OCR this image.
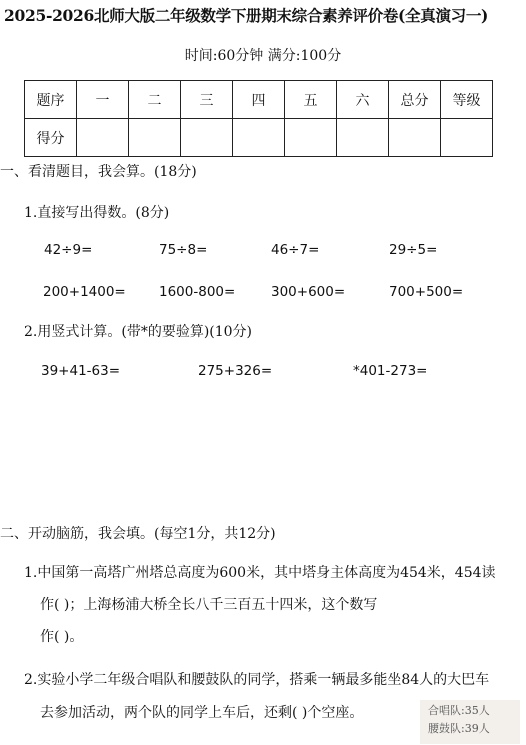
2025-2026北师大版二年级数学下册期末综合素养评价卷(全真演习一)
时间:60分钟 满分:100分
题序	一	二	三	四	五	六	总分	等级
得分								
一、看清题目，我会算。(18分)
1.直接写出得数。(8分)
42÷9=	75÷8=	46÷7=	29÷5=
200+1400= 1600-800=	300+600=	700+500=
2.用竖式计算。(带*的要验算)(10分)
39+41-63=	275+326=	*401-273=
二、开动脑筋，我会填。(每空1分，共12分)
1.中国第一高塔广州塔总高度为600米，其中塔身主体高度为454米，454读
作( )；上海杨浦大桥全长八千三百五十四米，这个数写
作( )。
2.实验小学二年级合唱队和腰鼓队的同学，搭乘一辆最多能坐84人的大巴车
去参加活动，两个队的同学上车后，还剩( )个空座。	合唱队:35人
腰鼓队:39人
